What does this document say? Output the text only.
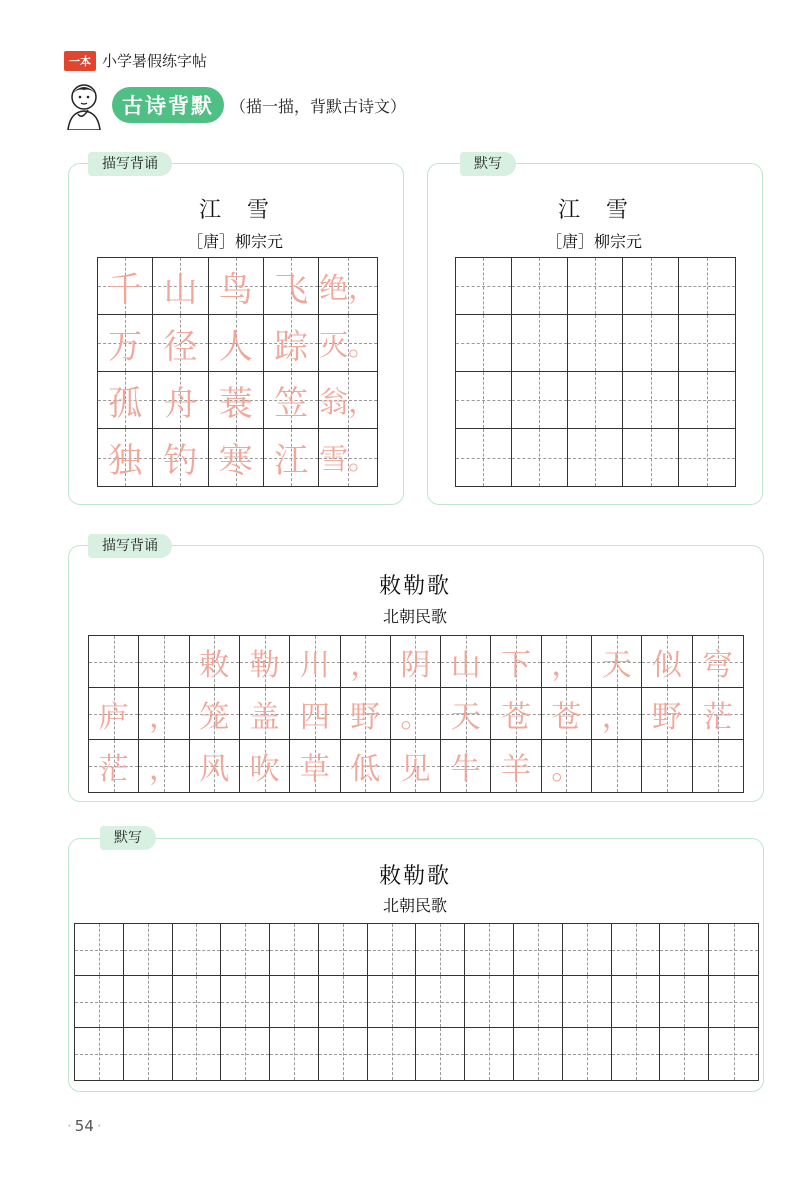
一本 小学暑假练字帖
古诗背默	（描一描，背默古诗文）
描写背诵
江　雪
［唐］柳宗元
千 山 鸟 飞 绝，
万 径 人 踪 灭。
孤 舟 蓑 笠 翁，
独 钓 寒 江 雪。
默写
江　雪
［唐］柳宗元
描写背诵
敕勒歌
北朝民歌
敕 勒 川 ， 阴 山 下 ， 天 似 穹
庐 ， 笼 盖 四 野 。 天 苍 苍 ， 野 茫
茫 ， 风 吹 草 低 见 牛 羊 。
默写
敕勒歌
北朝民歌
· 54 ·
